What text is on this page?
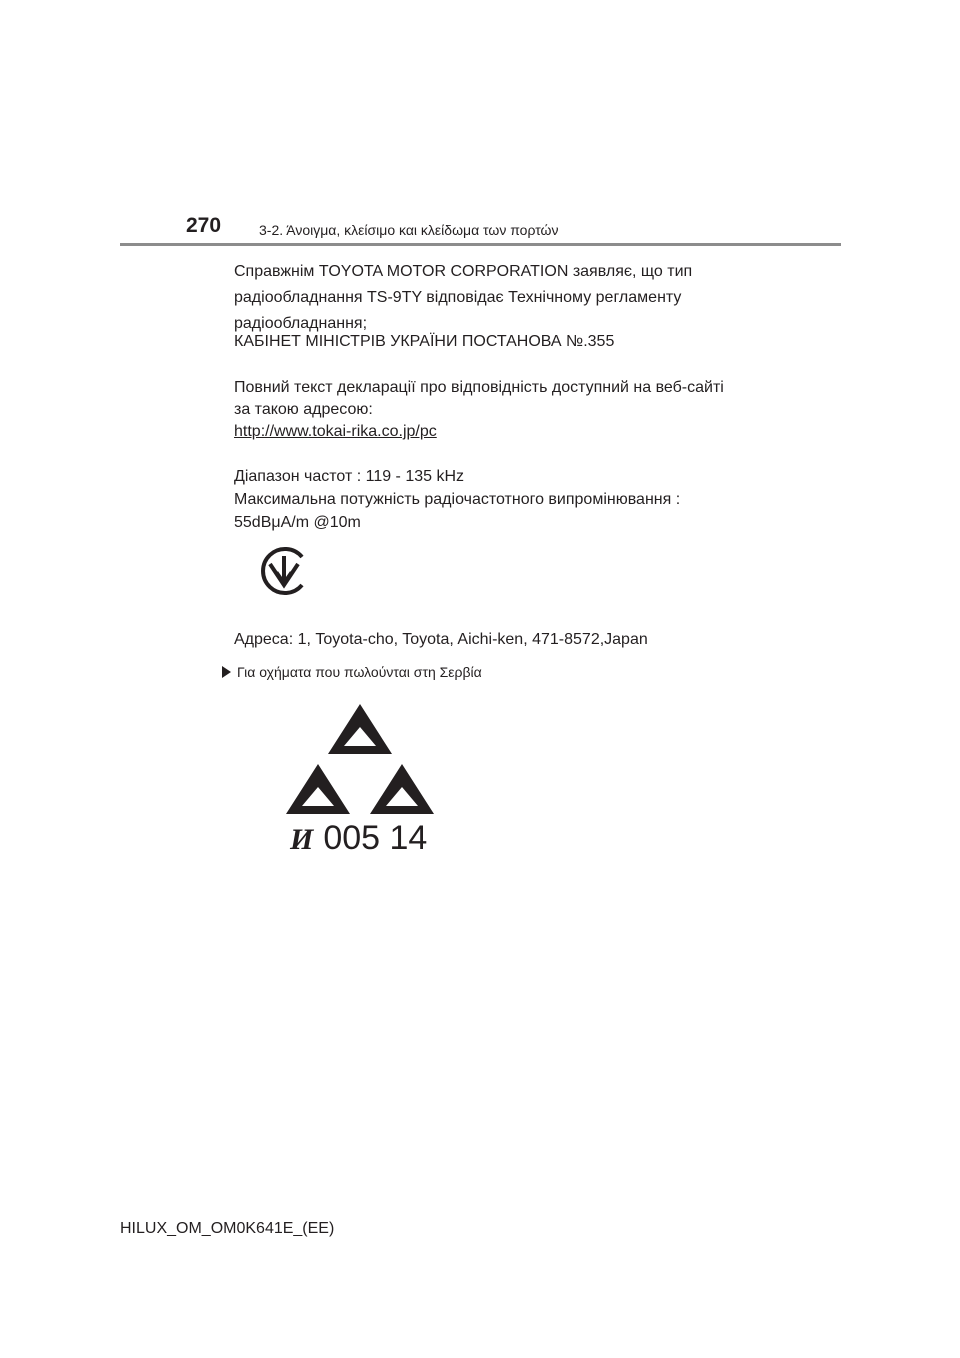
270	3-2. Άνοιγμα, κλείσιμο και κλείδωμα των πορτών
Справжнім TOYOTA MOTOR CORPORATION заявляє, що тип
радіообладнання TS-9TY відповідає Технічному регламенту
радіообладнання;
КАБІНЕТ МІНІСТРІВ УКРАЇНИ ПОСТАНОВА №.355
Повний текст декларації про відповідність доступний на веб-сайті
за такою адресою:
http://www.tokai-rika.co.jp/pc
Діапазон частот : 119 - 135 kHz
Максимальна потужність радіочастотного випромінювання :
55dBμA/m @10m
Адреса: 1, Toyota-cho, Toyota, Aichi-ken, 471-8572,Japan
Για οχήματα που πωλούνται στη Σερβία
И 005 14
HILUX_OM_OM0K641E_(EE)
